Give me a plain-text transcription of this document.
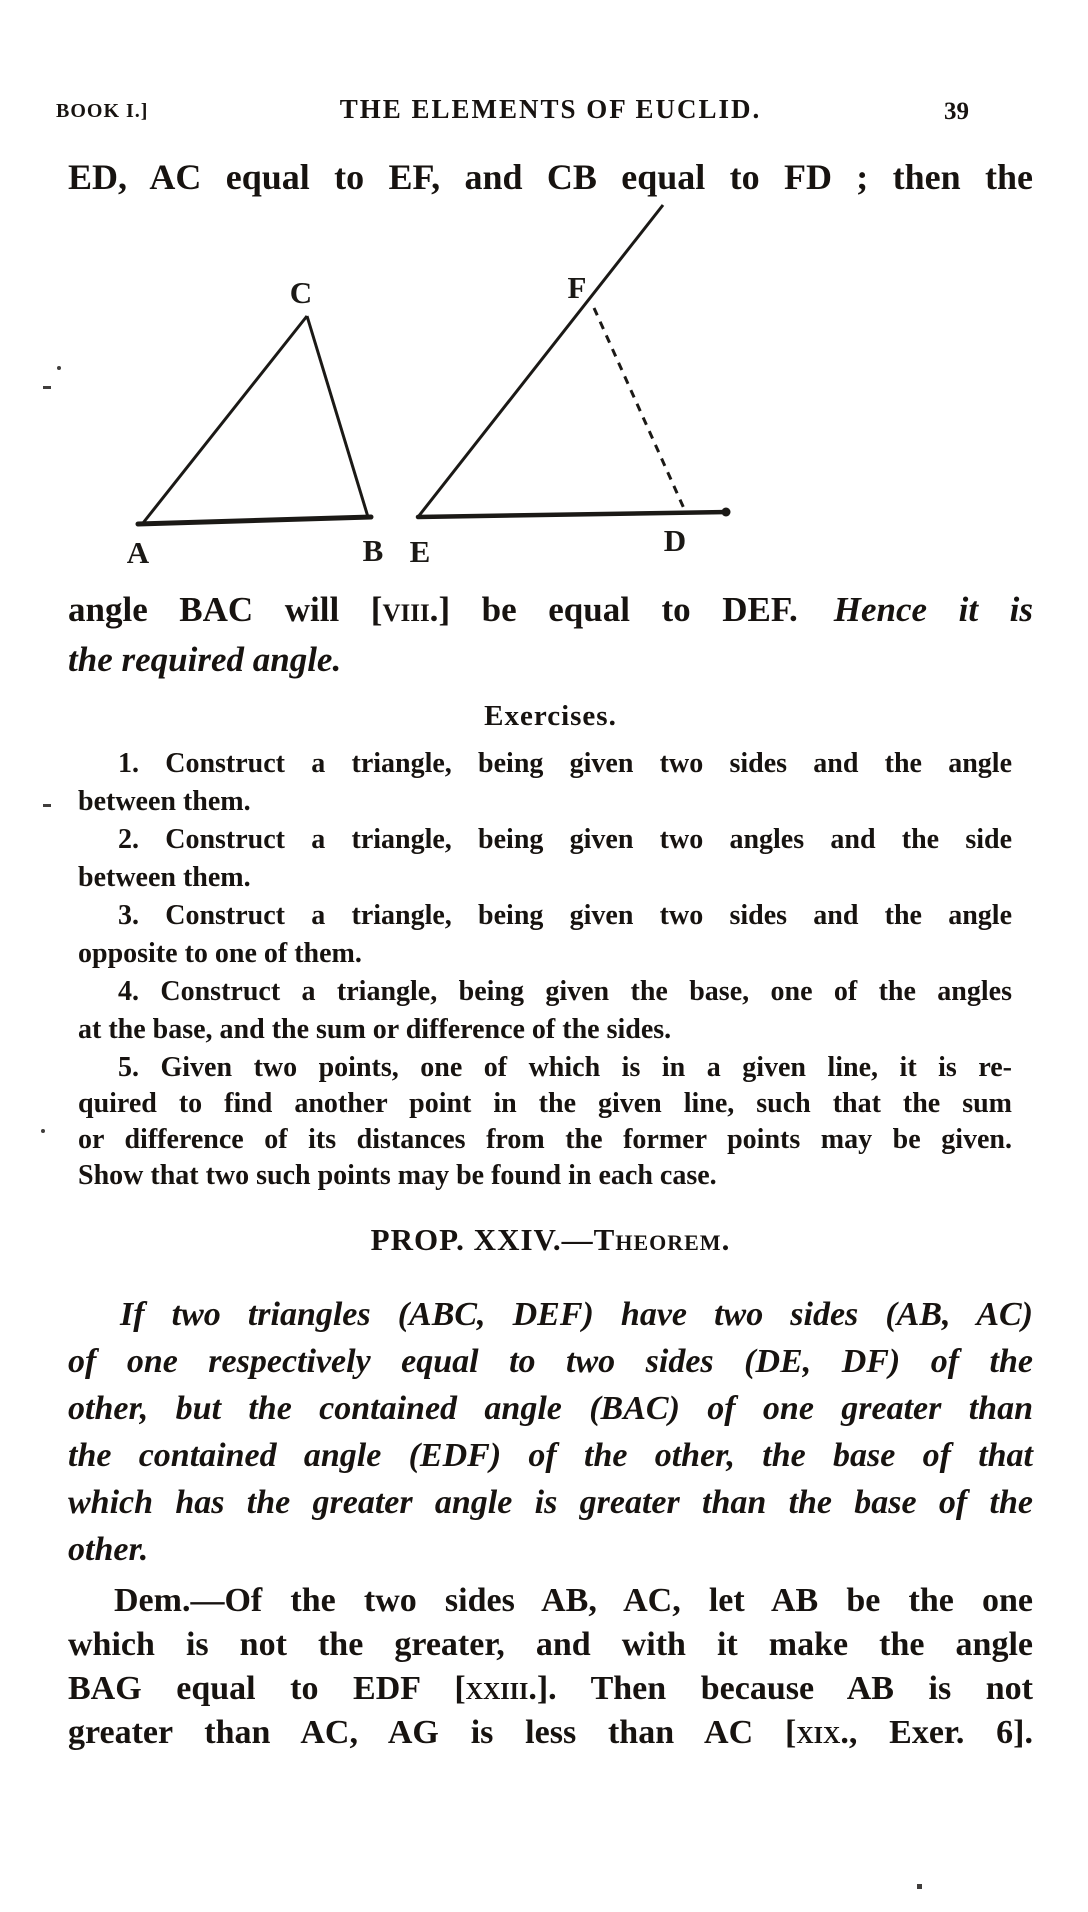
BOOK I.]	THE ELEMENTS OF EUCLID.	39
ED, AC equal to EF, and CB equal to FD ; then the
C	F
A	B E	D
angle BAC will [viii.] be equal to DEF. Hence it is
the required angle.
Exercises.
1. Construct a triangle, being given two sides and the angle
between them.
2. Construct a triangle, being given two angles and the side
between them.
3. Construct a triangle, being given two sides and the angle
opposite to one of them.
4. Construct a triangle, being given the base, one of the angles
at the base, and the sum or difference of the sides.
5. Given two points, one of which is in a given line, it is re-
quired to find another point in the given line, such that the sum
or difference of its distances from the former points may be given.
Show that two such points may be found in each case.
PROP. XXIV.—Theorem.
If two triangles (ABC, DEF) have two sides (AB, AC)
of one respectively equal to two sides (DE, DF) of the
other, but the contained angle (BAC) of one greater than
the contained angle (EDF) of the other, the base of that
which has the greater angle is greater than the base of the
other.
Dem.—Of the two sides AB, AC, let AB be the one
which is not the greater, and with it make the angle
BAG equal to EDF [xxiii.]. Then because AB is not
greater than AC, AG is less than AC [xix., Exer. 6].
